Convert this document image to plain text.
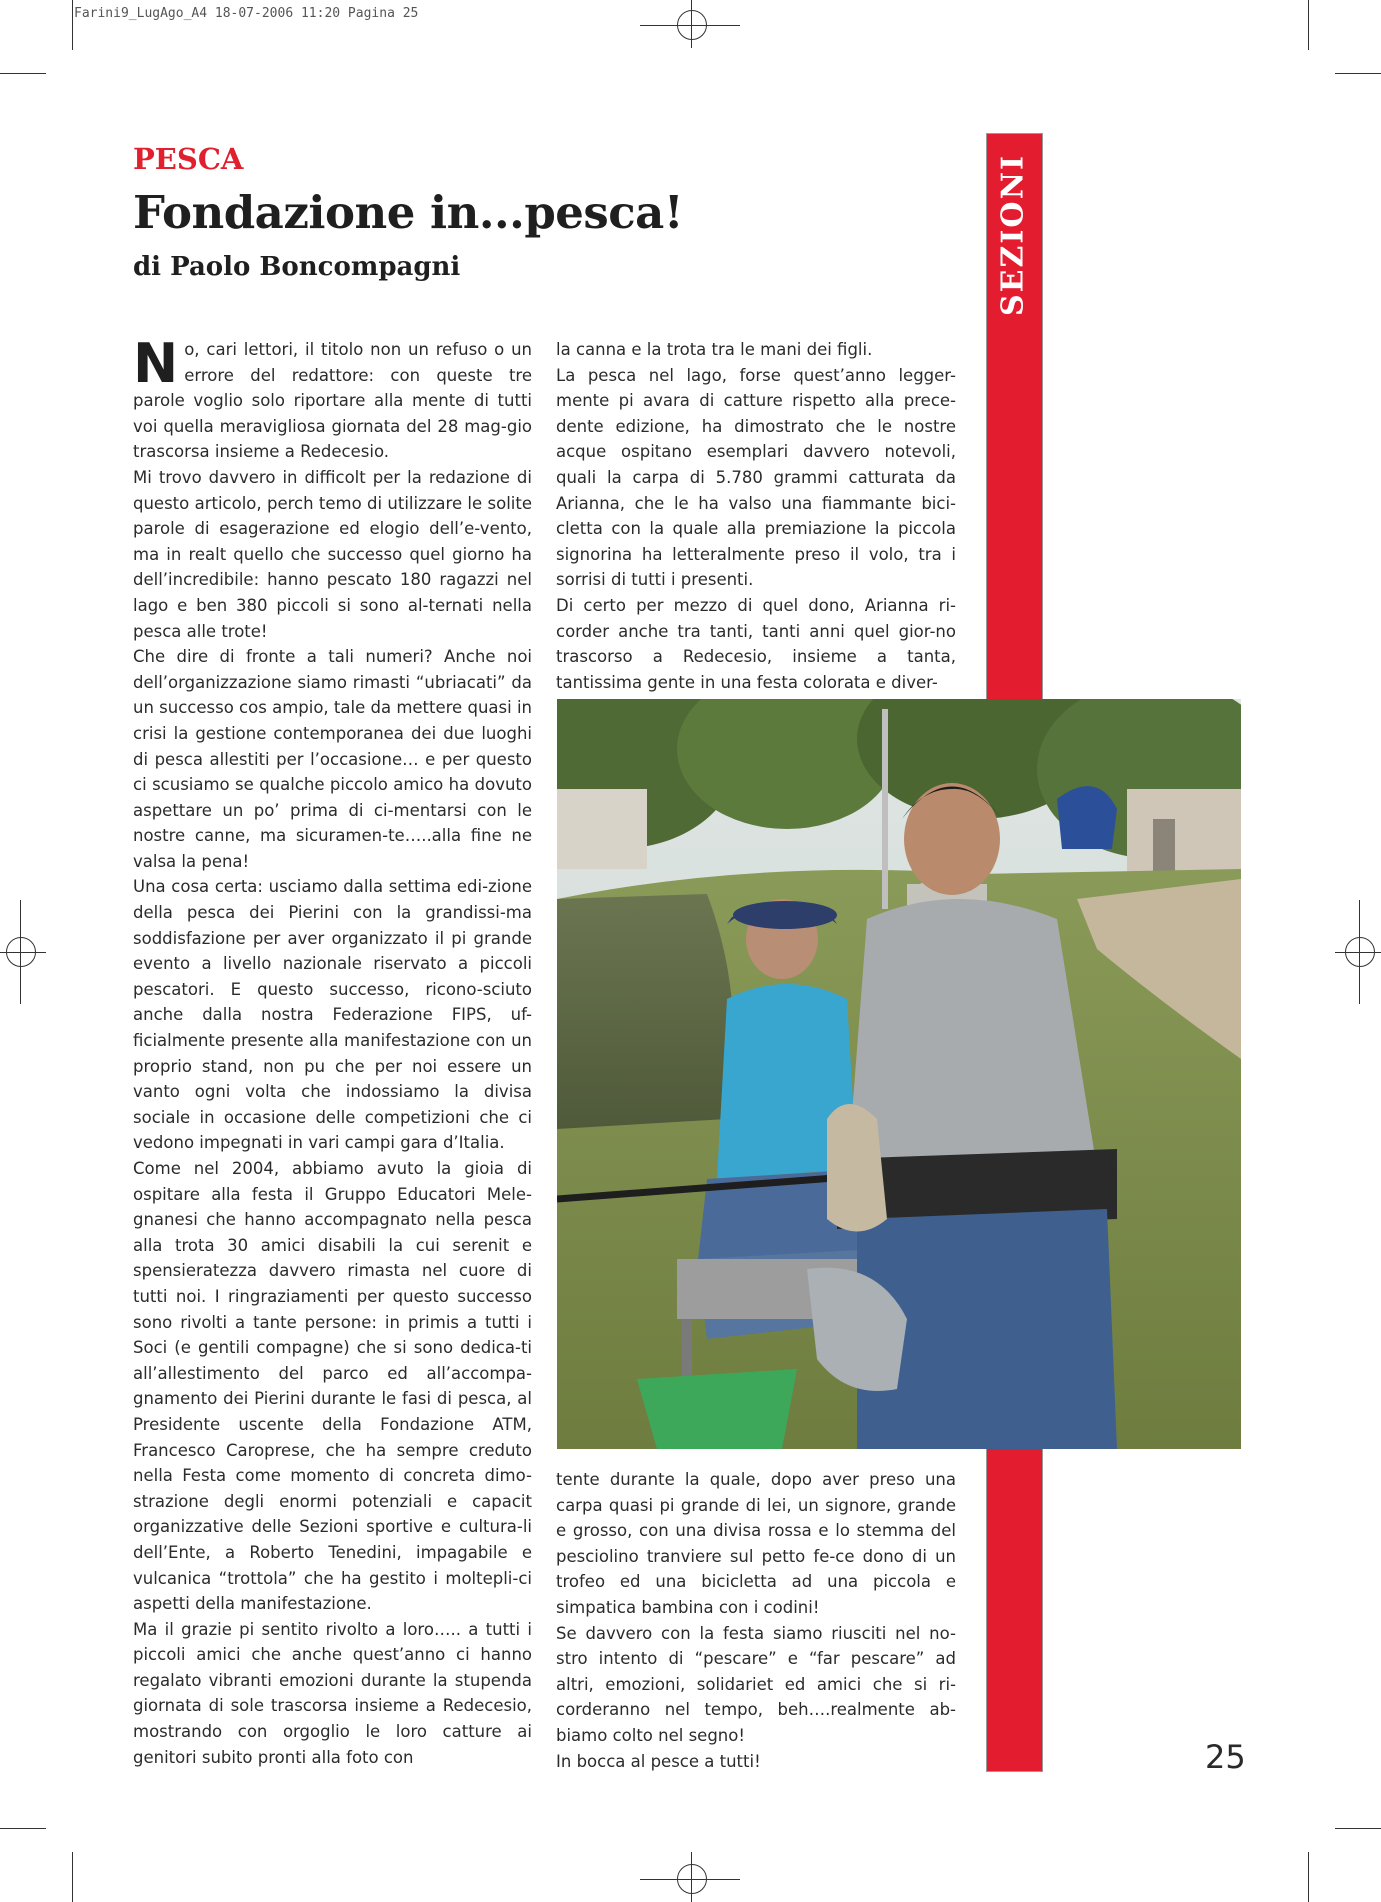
Farini9_LugAgo_A4 18-07-2006 11:20 Pagina 25
PESCA
Fondazione in...pesca!
di Paolo Boncompagni	SEZIONI

No, cari lettori, il titolo non un refuso o un errore del redattore: con queste tre parole voglio solo riportare alla mente di tutti voi quella meravigliosa giornata del 28 mag-gio trascorsa insieme a Redecesio.

Mi trovo davvero in difficolt per la redazione di questo articolo, perch temo di utilizzare le solite parole di esagerazione ed elogio dell’e-vento, ma in realt quello che successo quel giorno ha dell’incredibile: hanno pescato 180 ragazzi nel lago e ben 380 piccoli si sono al-ternati nella pesca alle trote!

Che dire di fronte a tali numeri? Anche noi dell’organizzazione siamo rimasti “ubriacati” da un successo cos ampio, tale da mettere quasi in crisi la gestione contemporanea dei due luoghi di pesca allestiti per l’occasione… e per questo ci scusiamo se qualche piccolo amico ha dovuto aspettare un po’ prima di ci-mentarsi con le nostre canne, ma sicuramen-te…..alla fine ne valsa la pena!

Una cosa certa: usciamo dalla settima edi-zione della pesca dei Pierini con la grandissi-ma soddisfazione per aver organizzato il pi grande evento a livello nazionale riservato a piccoli pescatori. E questo successo, ricono-sciuto anche dalla nostra Federazione FIPS, uf-ficialmente presente alla manifestazione con un proprio stand, non pu che per noi essere un vanto ogni volta che indossiamo la divisa sociale in occasione delle competizioni che ci vedono impegnati in vari campi gara d’Italia.

Come nel 2004, abbiamo avuto la gioia di ospitare alla festa il Gruppo Educatori Mele-gnanesi che hanno accompagnato nella pesca alla trota 30 amici disabili la cui serenit e spensieratezza davvero rimasta nel cuore di tutti noi. I ringraziamenti per questo successo sono rivolti a tante persone: in primis a tutti i Soci (e gentili compagne) che si sono dedica-ti all’allestimento del parco ed all’accompa-gnamento dei Pierini durante le fasi di pesca, al Presidente uscente della Fondazione ATM, Francesco Caroprese, che ha sempre creduto nella Festa come momento di concreta dimo-strazione degli enormi potenziali e capacit organizzative delle Sezioni sportive e cultura-li dell’Ente, a Roberto Tenedini, impagabile e vulcanica “trottola” che ha gestito i moltepli-ci aspetti della manifestazione.

Ma il grazie pi sentito rivolto a loro….. a tutti i piccoli amici che anche quest’anno ci hanno regalato vibranti emozioni durante la stupenda giornata di sole trascorsa insieme a Redecesio, mostrando con orgoglio le loro catture ai genitori subito pronti alla foto con

la canna e la trota tra le mani dei figli.

La pesca nel lago, forse quest’anno legger-mente pi avara di catture rispetto alla prece-dente edizione, ha dimostrato che le nostre acque ospitano esemplari davvero notevoli, quali la carpa di 5.780 grammi catturata da Arianna, che le ha valso una fiammante bici-cletta con la quale alla premiazione la piccola signorina ha letteralmente preso il volo, tra i sorrisi di tutti i presenti.

Di certo per mezzo di quel dono, Arianna ri-corder anche tra tanti, tanti anni quel gior-no trascorso a Redecesio, insieme a tanta, tantissima gente in una festa colorata e diver-

tente durante la quale, dopo aver preso una carpa quasi pi grande di lei, un signore, grande e grosso, con una divisa rossa e lo stemma del pesciolino tranviere sul petto fe-ce dono di un trofeo ed una bicicletta ad una piccola e simpatica bambina con i codini!

Se davvero con la festa siamo riusciti nel no-stro intento di “pescare” e “far pescare” ad altri, emozioni, solidariet ed amici che si ri-corderanno nel tempo, beh….realmente ab-biamo colto nel segno!

In bocca al pesce a tutti!	25
